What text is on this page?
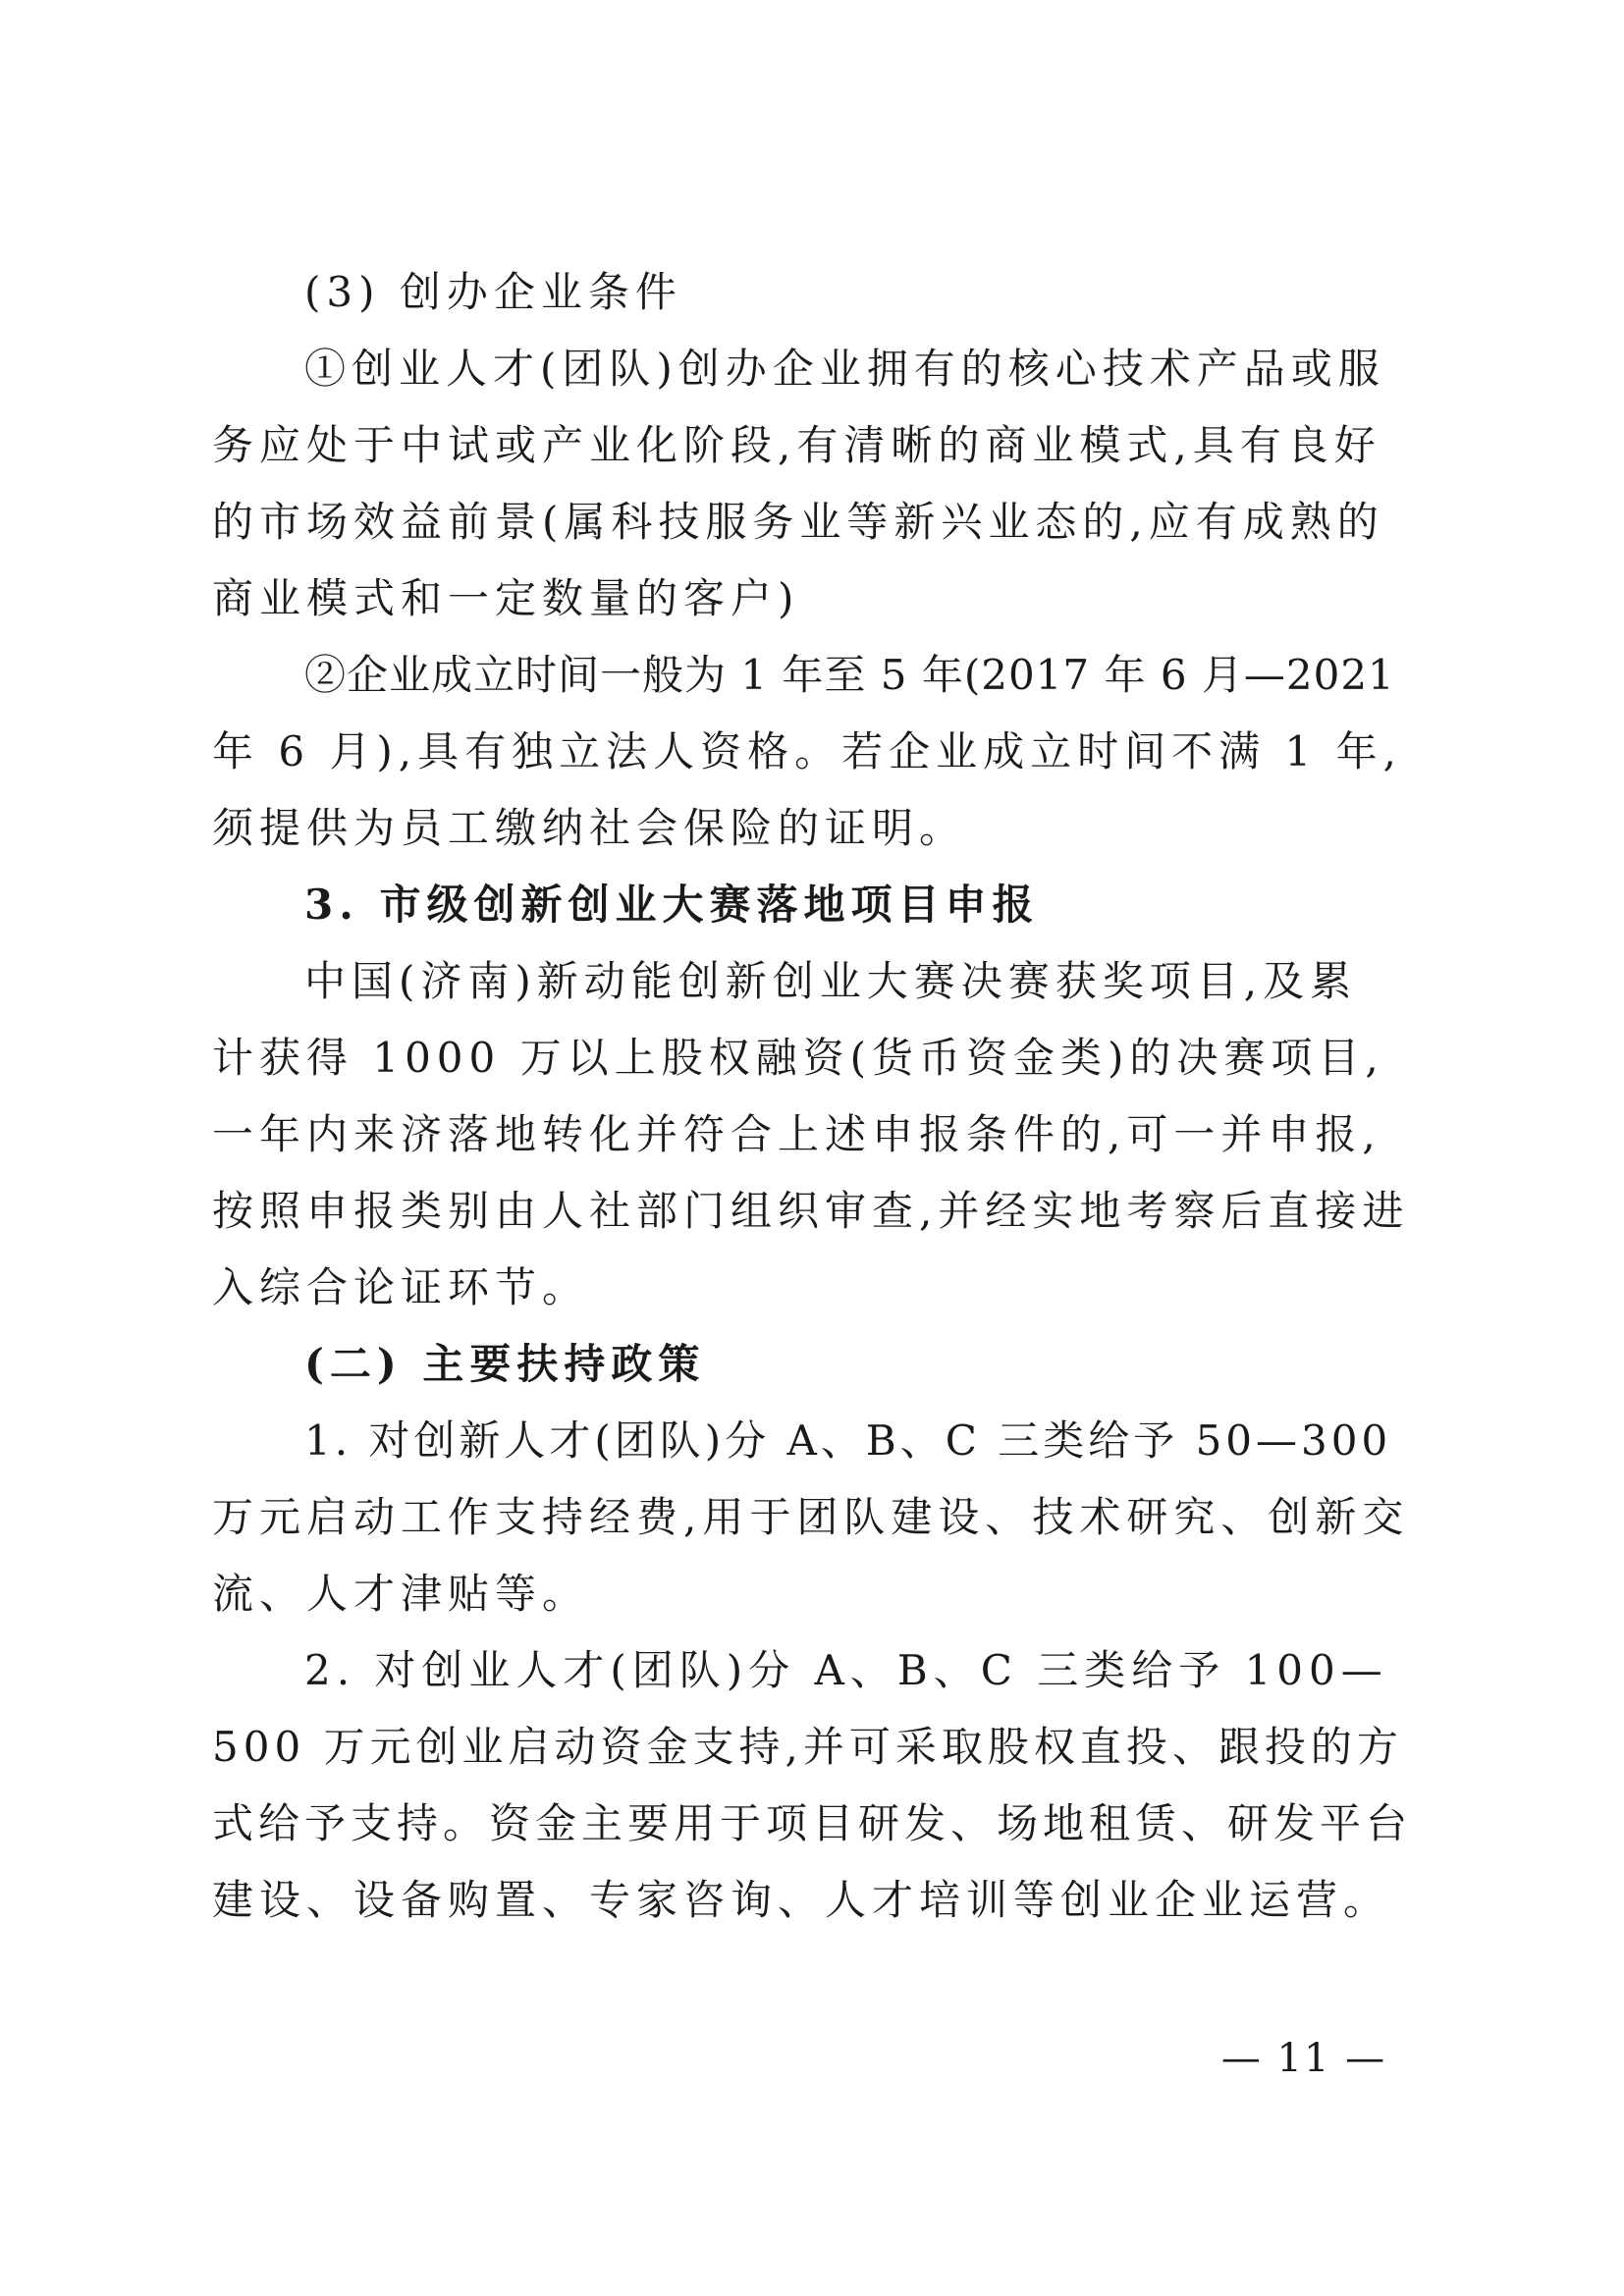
(3) 创办企业条件
①创业人才(团队)创办企业拥有的核心技术产品或服
务应处于中试或产业化阶段,有清晰的商业模式,具有良好
的市场效益前景(属科技服务业等新兴业态的,应有成熟的
商业模式和一定数量的客户)
②企业成立时间一般为 1 年至 5 年(2017 年 6 月—2021
年 6 月),具有独立法人资格。若企业成立时间不满 1 年,
须提供为员工缴纳社会保险的证明。
3. 市级创新创业大赛落地项目申报
中国(济南)新动能创新创业大赛决赛获奖项目,及累
计获得 1000 万以上股权融资(货币资金类)的决赛项目,
一年内来济落地转化并符合上述申报条件的,可一并申报,
按照申报类别由人社部门组织审查,并经实地考察后直接进
入综合论证环节。
(二) 主要扶持政策
1. 对创新人才(团队)分 A、B、C 三类给予 50—300
万元启动工作支持经费,用于团队建设、技术研究、创新交
流、人才津贴等。
2. 对创业人才(团队)分 A、B、C 三类给予 100—
500 万元创业启动资金支持,并可采取股权直投、跟投的方
式给予支持。资金主要用于项目研发、场地租赁、研发平台
建设、设备购置、专家咨询、人才培训等创业企业运营。
— 11 —
